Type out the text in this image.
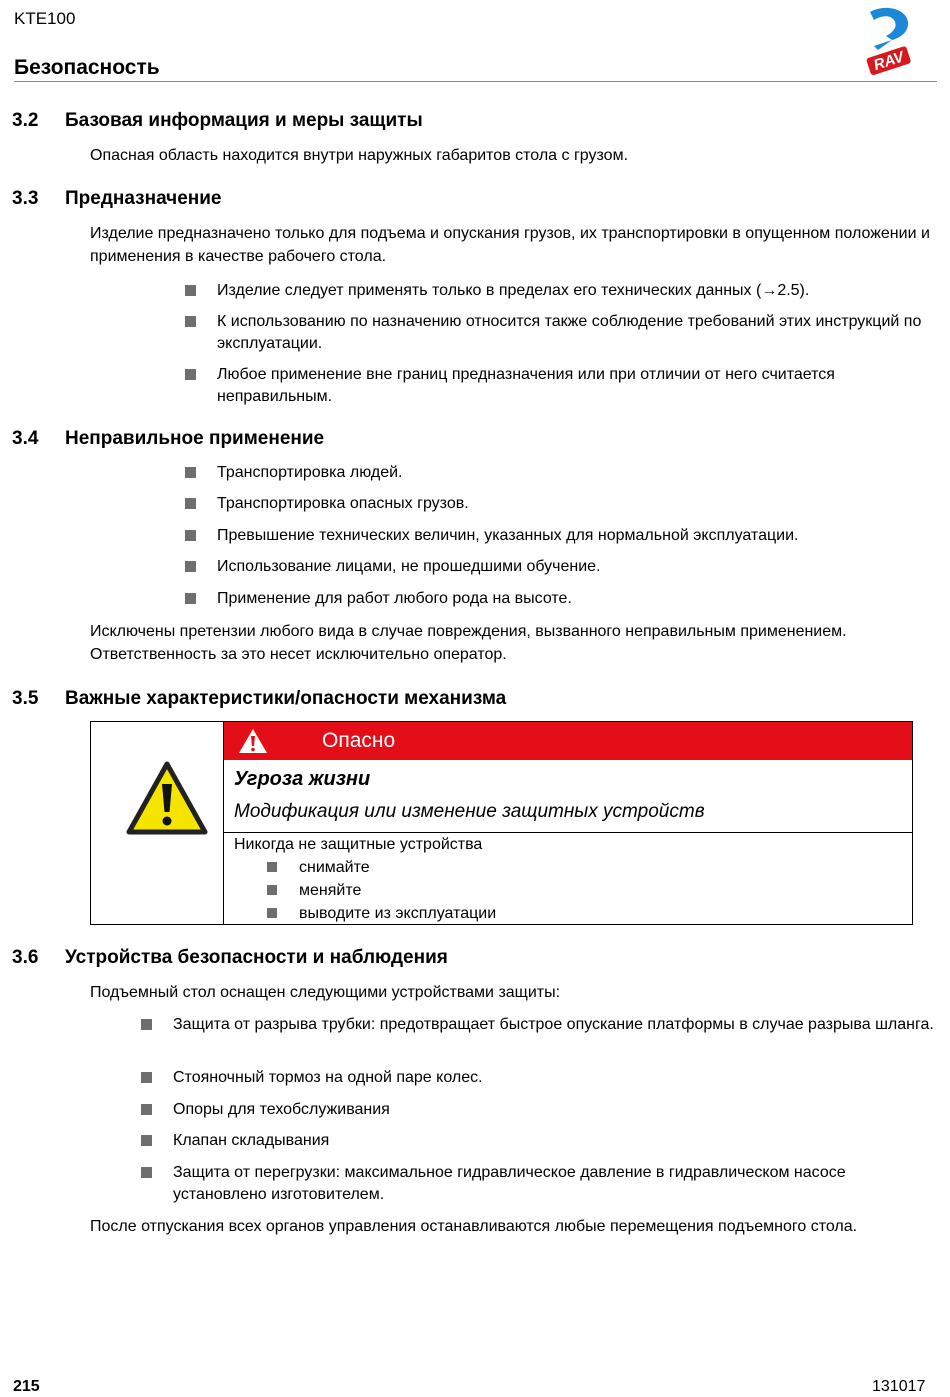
KTE100
Безопасность	RAV
3.2 Базовая информация и меры защиты
Опасная область находится внутри наружных габаритов стола с грузом.
3.3 Предназначение
Изделие предназначено только для подъема и опускания грузов, их транспортировки в опущенном положении и применения в качестве рабочего стола.
Изделие следует применять только в пределах его технических данных (→2.5).
К использованию по назначению относится также соблюдение требований этих инструкций по эксплуатации.
Любое применение вне границ предназначения или при отличии от него считается неправильным.
3.4 Неправильное применение
Транспортировка людей.
Транспортировка опасных грузов.
Превышение технических величин, указанных для нормальной эксплуатации.
Использование лицами, не прошедшими обучение.
Применение для работ любого рода на высоте.
Исключены претензии любого вида в случае повреждения, вызванного неправильным применением. Ответственность за это несет исключительно оператор.
3.5 Важные характеристики/опасности механизма
Опасно
Угроза жизни
Модификация или изменение защитных устройств
Никогда не защитные устройства
снимайте
меняйте
выводите из эксплуатации
3.6 Устройства безопасности и наблюдения
Подъемный стол оснащен следующими устройствами защиты:
Защита от разрыва трубки: предотвращает быстрое опускание платформы в случае разрыва шланга.
Стояночный тормоз на одной паре колес.
Опоры для техобслуживания
Клапан складывания
Защита от перегрузки: максимальное гидравлическое давление в гидравлическом насосе установлено изготовителем.
После отпускания всех органов управления останавливаются любые перемещения подъемного стола.
215	131017
